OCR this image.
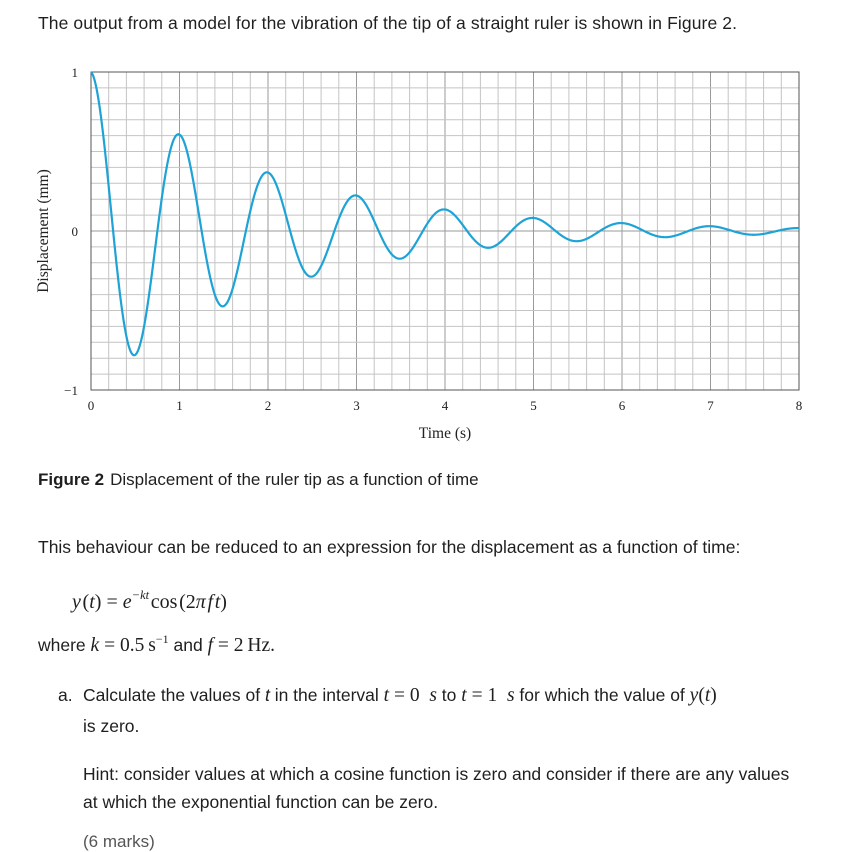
The output from a model for the vibration of the tip of a straight ruler is shown in Figure 2.
0	1	2	3	4	5	6	7	8
1
0
−1
Time (s)
Displacement (mm)
Figure 2 Displacement of the ruler tip as a function of time
This behaviour can be reduced to an expression for the displacement as a function of time:
y $(t) = e^{-kt}$ cos (2π f t)
where k = 0.5 $s^{-1}$ and f = 2 Hz.
a. Calculate the values of t in the interval t = 0  s to t = 1  s for which the value of y(t)
is zero.
Hint: consider values at which a cosine function is zero and consider if there are any values at which the exponential function can be zero.
(6 marks)
